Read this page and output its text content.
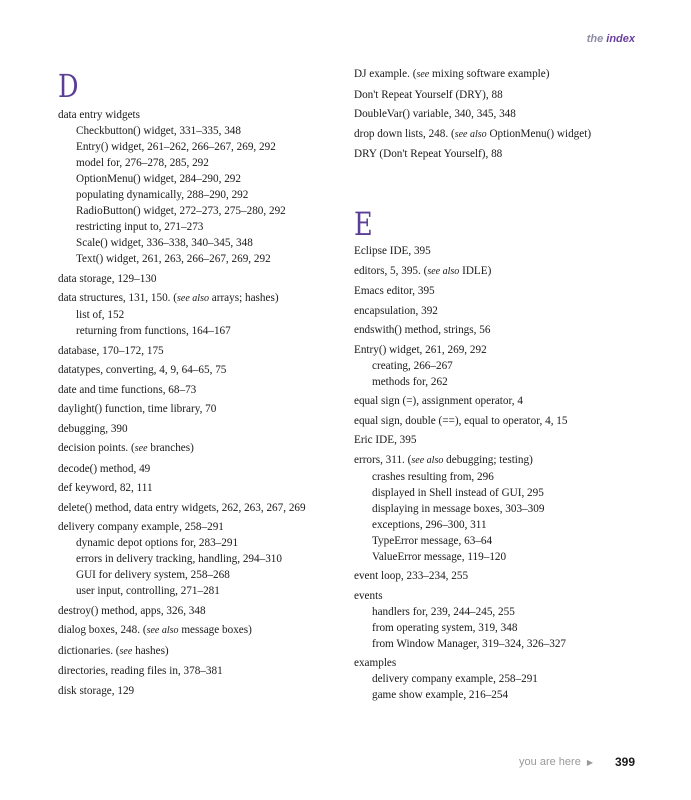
the index
D
data entry widgets
Checkbutton() widget, 331–335, 348
Entry() widget, 261–262, 266–267, 269, 292
model for, 276–278, 285, 292
OptionMenu() widget, 284–290, 292
populating dynamically, 288–290, 292
RadioButton() widget, 272–273, 275–280, 292
restricting input to, 271–273
Scale() widget, 336–338, 340–345, 348
Text() widget, 261, 263, 266–267, 269, 292
data storage, 129–130
data structures, 131, 150. (see also arrays; hashes)
list of, 152
returning from functions, 164–167
database, 170–172, 175
datatypes, converting, 4, 9, 64–65, 75
date and time functions, 68–73
daylight() function, time library, 70
debugging, 390
decision points. (see branches)
decode() method, 49
def keyword, 82, 111
delete() method, data entry widgets, 262, 263, 267, 269
delivery company example, 258–291
dynamic depot options for, 283–291
errors in delivery tracking, handling, 294–310
GUI for delivery system, 258–268
user input, controlling, 271–281
destroy() method, apps, 326, 348
dialog boxes, 248. (see also message boxes)
dictionaries. (see hashes)
directories, reading files in, 378–381
disk storage, 129
DJ example. (see mixing software example)
Don't Repeat Yourself (DRY), 88
DoubleVar() variable, 340, 345, 348
drop down lists, 248. (see also OptionMenu() widget)
DRY (Don't Repeat Yourself), 88
E
Eclipse IDE, 395
editors, 5, 395. (see also IDLE)
Emacs editor, 395
encapsulation, 392
endswith() method, strings, 56
Entry() widget, 261, 269, 292
creating, 266–267
methods for, 262
equal sign (=), assignment operator, 4
equal sign, double (==), equal to operator, 4, 15
Eric IDE, 395
errors, 311. (see also debugging; testing)
crashes resulting from, 296
displayed in Shell instead of GUI, 295
displaying in message boxes, 303–309
exceptions, 296–300, 311
TypeError message, 63–64
ValueError message, 119–120
event loop, 233–234, 255
events
handlers for, 239, 244–245, 255
from operating system, 319, 348
from Window Manager, 319–324, 326–327
examples
delivery company example, 258–291
game show example, 216–254
you are here ▶ 399
